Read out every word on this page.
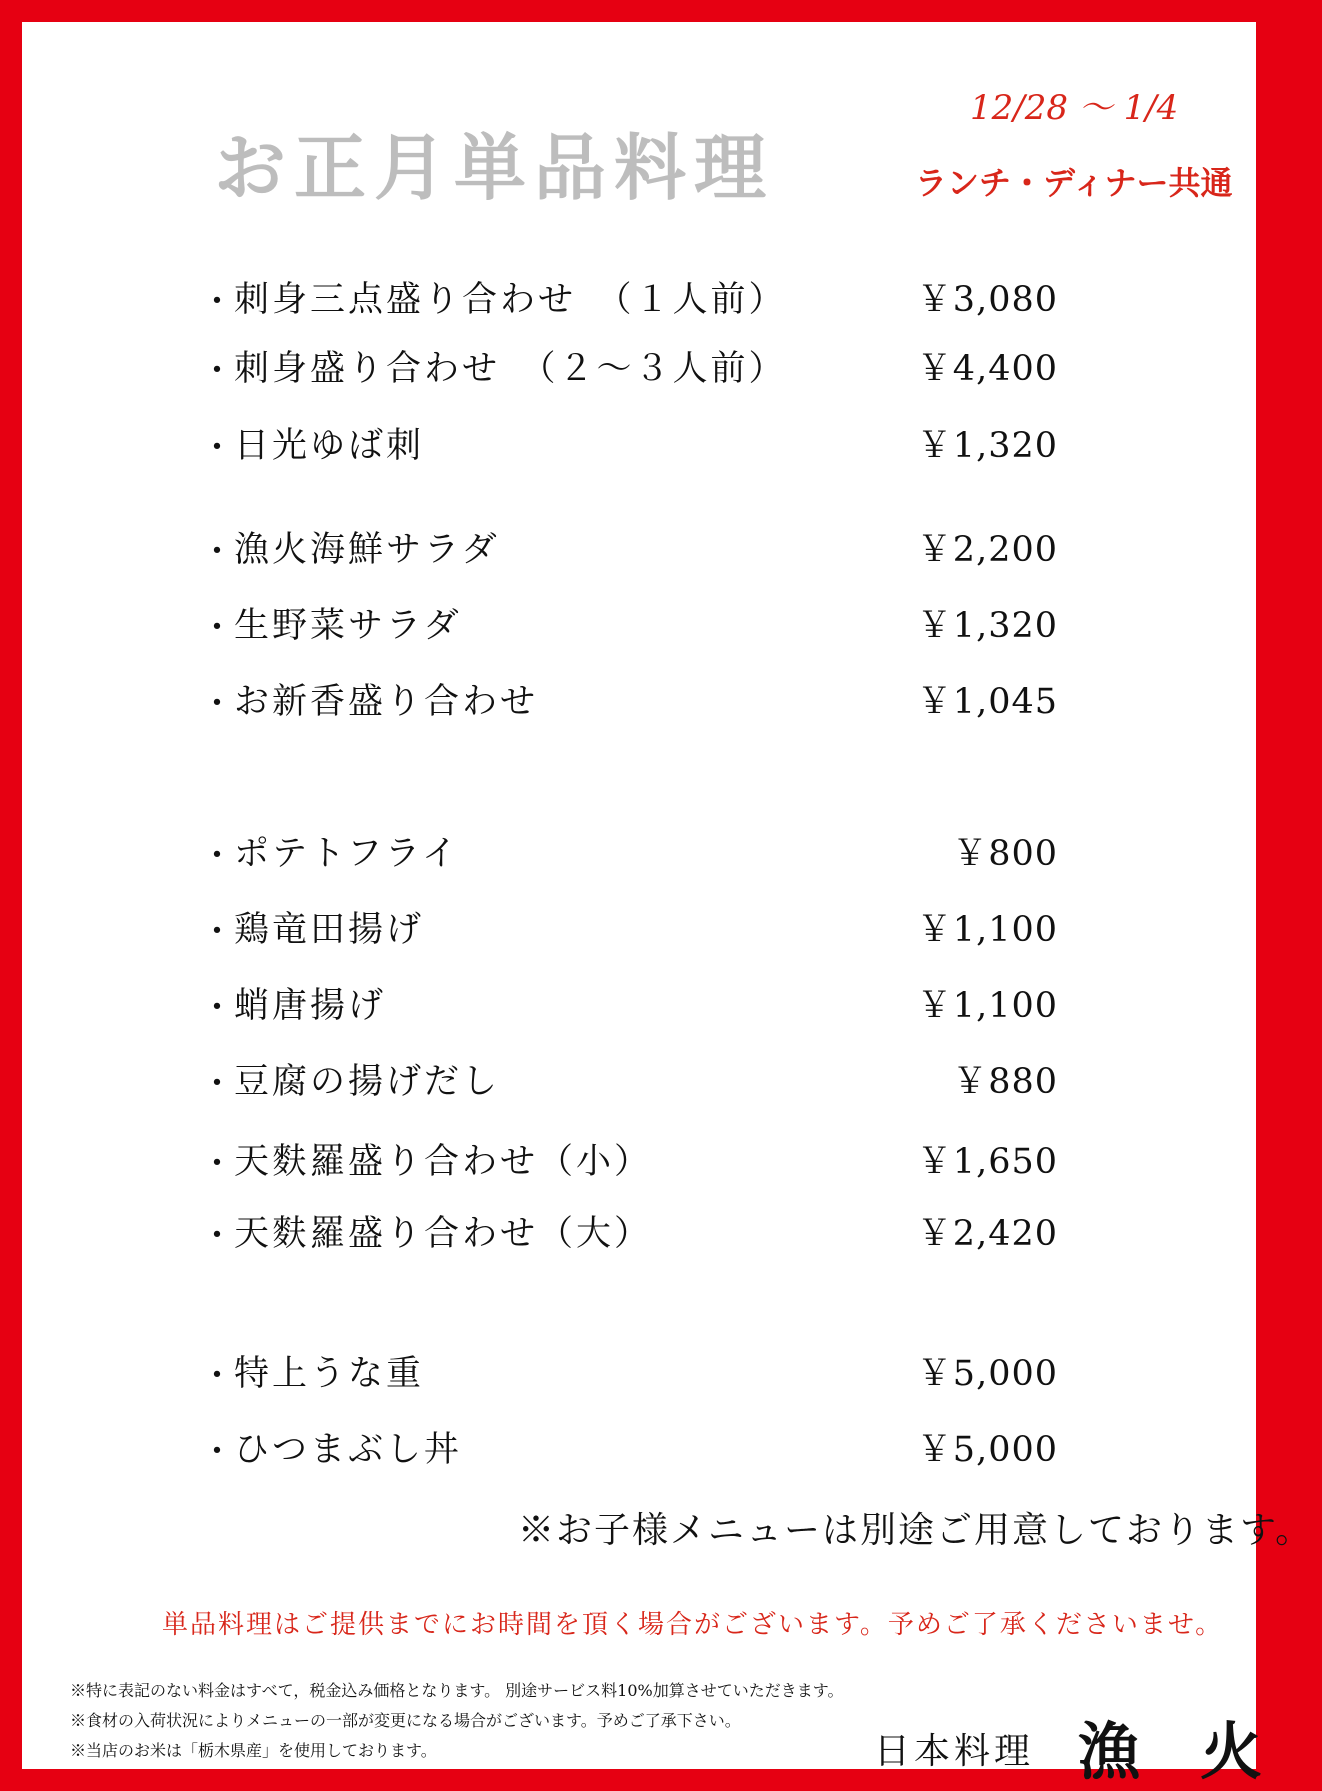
お正月単品料理
12/28 ～ 1/4
ランチ・ディナー共通
・ 刺身三点盛り合わせ　（１人前）	￥3,080
・ 刺身盛り合わせ　（２～３人前）	￥4,400
・ 日光ゆば刺	￥1,320
・ 漁火海鮮サラダ	￥2,200
・ 生野菜サラダ	￥1,320
・ お新香盛り合わせ	￥1,045
・ ポテトフライ	￥800
・ 鶏竜田揚げ	￥1,100
・ 蛸唐揚げ	￥1,100
・ 豆腐の揚げだし	￥880
・ 天麩羅盛り合わせ（小）	￥1,650
・ 天麩羅盛り合わせ（大）	￥2,420
・ 特上うな重	￥5,000
・ ひつまぶし丼	￥5,000
※お子様メニューは別途ご用意しております。
単品料理はご提供までにお時間を頂く場合がございます。予めご了承くださいませ。
※特に表記のない料金はすべて，税金込み価格となります。 別途サービス料10%加算させていただきます。
※食材の入荷状況によりメニューの一部が変更になる場合がございます。予めご了承下さい。
※当店のお米は「栃木県産」を使用しております。	日本料理 漁火
